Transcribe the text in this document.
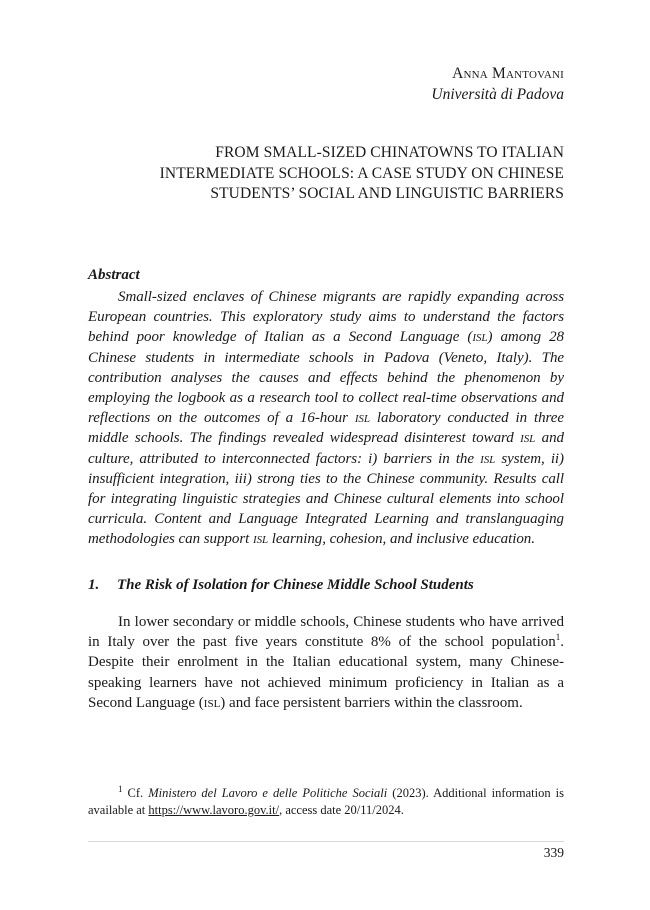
Anna Mantovani
Università di Padova
FROM SMALL-SIZED CHINATOWNS TO ITALIAN
INTERMEDIATE SCHOOLS: A CASE STUDY ON CHINESE
STUDENTS’ SOCIAL AND LINGUISTIC BARRIERS
Abstract
Small-sized enclaves of Chinese migrants are rapidly expanding across European countries. This exploratory study aims to understand the factors behind poor knowledge of Italian as a Second Language (isl) among 28 Chinese students in intermediate schools in Padova (Veneto, Italy). The contribution analyses the causes and effects behind the phenomenon by employing the logbook as a research tool to collect real-time observations and reflections on the outcomes of a 16-hour isl laboratory conducted in three middle schools. The findings revealed widespread disinterest toward isl and culture, attributed to interconnected factors: i) barriers in the isl system, ii) insufficient integration, iii) strong ties to the Chinese community. Results call for integrating linguistic strategies and Chinese cultural elements into school curricula. Content and Language Integrated Learning and translanguaging methodologies can support isl learning, cohesion, and inclusive education.
1. The Risk of Isolation for Chinese Middle School Students
In lower secondary or middle schools, Chinese students who have arrived in Italy over the past five years constitute 8% of the school population$^1$. Despite their enrolment in the Italian educational system, many Chinese-speaking learners have not achieved minimum proficiency in Italian as a Second Language (isl) and face persistent barriers within the classroom.
$^1$ Cf. Ministero del Lavoro e delle Politiche Sociali (2023). Additional information is available at https://www.lavoro.gov.it/, access date 20/11/2024.
339
